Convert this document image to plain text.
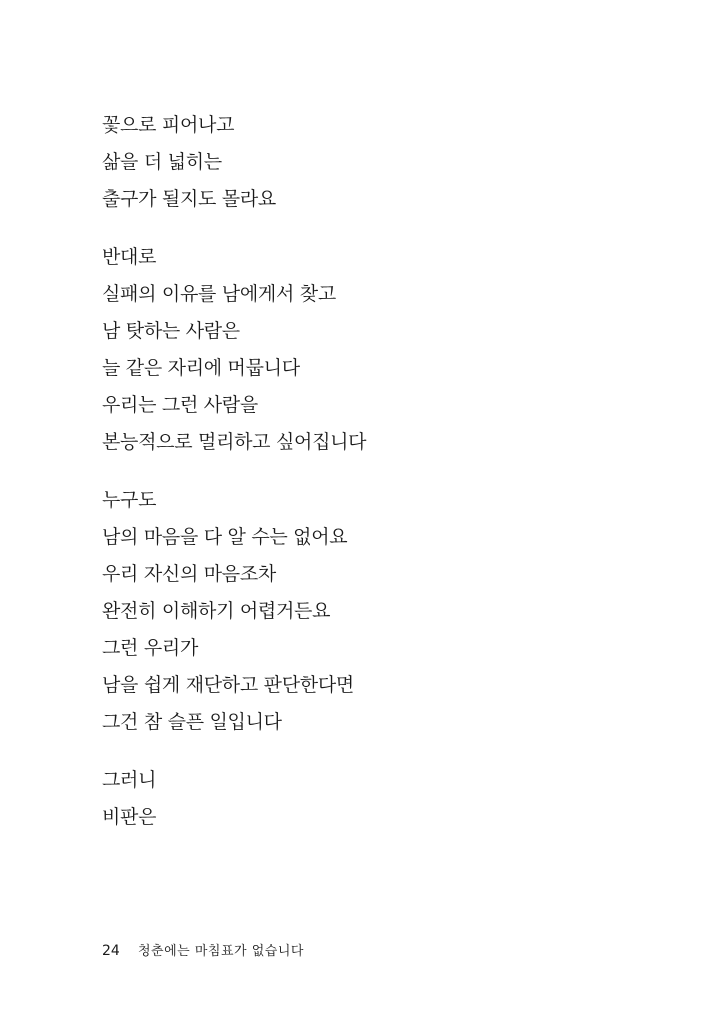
꽃으로 피어나고
삶을 더 넓히는
출구가 될지도 몰라요
반대로
실패의 이유를 남에게서 찾고
남 탓하는 사람은
늘 같은 자리에 머뭅니다
우리는 그런 사람을
본능적으로 멀리하고 싶어집니다
누구도
남의 마음을 다 알 수는 없어요
우리 자신의 마음조차
완전히 이해하기 어렵거든요
그런 우리가
남을 쉽게 재단하고 판단한다면
그건 참 슬픈 일입니다
그러니
비판은
24 청춘에는 마침표가 없습니다
